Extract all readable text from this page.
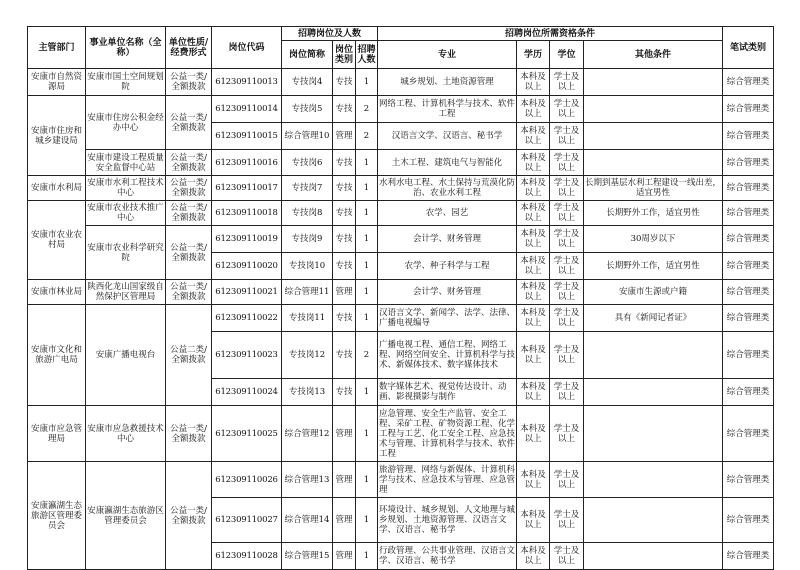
主管部门	事业单位名称（全称）	单位性质/经费形式	岗位代码	招聘岗位及人数			招聘岗位所需资格条件				笔试类别
				岗位简称	岗位类别	招聘人数	专业	学历	学位	其他条件	
安康市自然资源局	安康市国土空间规划院	公益一类/全额拨款	612309110013	专技岗4	专技	1	城乡规划、土地资源管理	本科及以上	学士及以上		综合管理类
安康市住房和城乡建设局	安康市住房公积金经办中心	公益一类/全额拨款	612309110014	专技岗5	专技	2	网络工程、计算机科学与技术、软件工程	本科及以上	学士及以上		综合管理类
			612309110015	综合管理10	管理	2	汉语言文学、汉语言、秘书学	本科及以上	学士及以上		综合管理类
	安康市建设工程质量安全监督中心站	公益一类/全额拨款	612309110016	专技岗6	专技	1	土木工程、建筑电气与智能化	本科及以上	学士及以上		综合管理类
安康市水利局	安康市水利工程技术中心	公益一类/全额拨款	612309110017	专技岗7	专技	1	水利水电工程、水土保持与荒漠化防治、农业水利工程	本科及以上	学士及以上	长期到基层水利工程建设一线出差，适宜男性	综合管理类
安康市农业农村局	安康市农业技术推广中心	公益一类/全额拨款	612309110018	专技岗8	专技	1	农学、园艺	本科及以上	学士及以上	长期野外工作，适宜男性	综合管理类
	安康市农业科学研究院	公益一类/全额拨款	612309110019	专技岗9	专技	1	会计学、财务管理	本科及以上	学士及以上	30周岁以下	综合管理类
			612309110020	专技岗10	专技	1	农学、种子科学与工程	本科及以上	学士及以上	长期野外工作，适宜男性	综合管理类
安康市林业局	陕西化龙山国家级自然保护区管理局	公益一类/全额拨款	612309110021	综合管理11	管理	1	会计学、财务管理	本科及以上	学士及以上	安康市生源或户籍	综合管理类
安康市文化和旅游广电局	安康广播电视台	公益二类/全额拨款	612309110022	专技岗11	专技	1	汉语言文学、新闻学、法学、法律、广播电视编导	本科及以上	学士及以上	具有《新闻记者证》	综合管理类
			612309110023	专技岗12	专技	2	广播电视工程、通信工程、网络工程、网络空间安全、计算机科学与技术、新媒体技术、数字媒体技术	本科及以上	学士及以上		综合管理类
			612309110024	专技岗13	专技	1	数字媒体艺术、视觉传达设计、动画、影视摄影与制作	本科及以上	学士及以上		综合管理类
安康市应急管理局	安康市应急救援技术中心	公益一类/全额拨款	612309110025	综合管理12	管理	1	应急管理、安全生产监管、安全工程、采矿工程、矿物资源工程、化学工程与工艺、化工安全工程、应急技术与管理、计算机科学与技术、软件工程	本科及以上	学士及以上		综合管理类
安康瀛湖生态旅游区管理委员会	安康瀛湖生态旅游区管理委员会	公益一类/全额拨款	612309110026	综合管理13	管理	1	旅游管理、网络与新媒体、计算机科学与技术、应急技术与管理、应急管理	本科及以上	学士及以上		综合管理类
			612309110027	综合管理14	管理	1	环境设计、城乡规划、人文地理与城乡规划、土地资源管理、汉语言文学、汉语言、秘书学	本科及以上	学士及以上		综合管理类
			612309110028	综合管理15	管理	1	行政管理、公共事业管理、汉语言文学、汉语言、秘书学	本科及以上	学士及以上		综合管理类
